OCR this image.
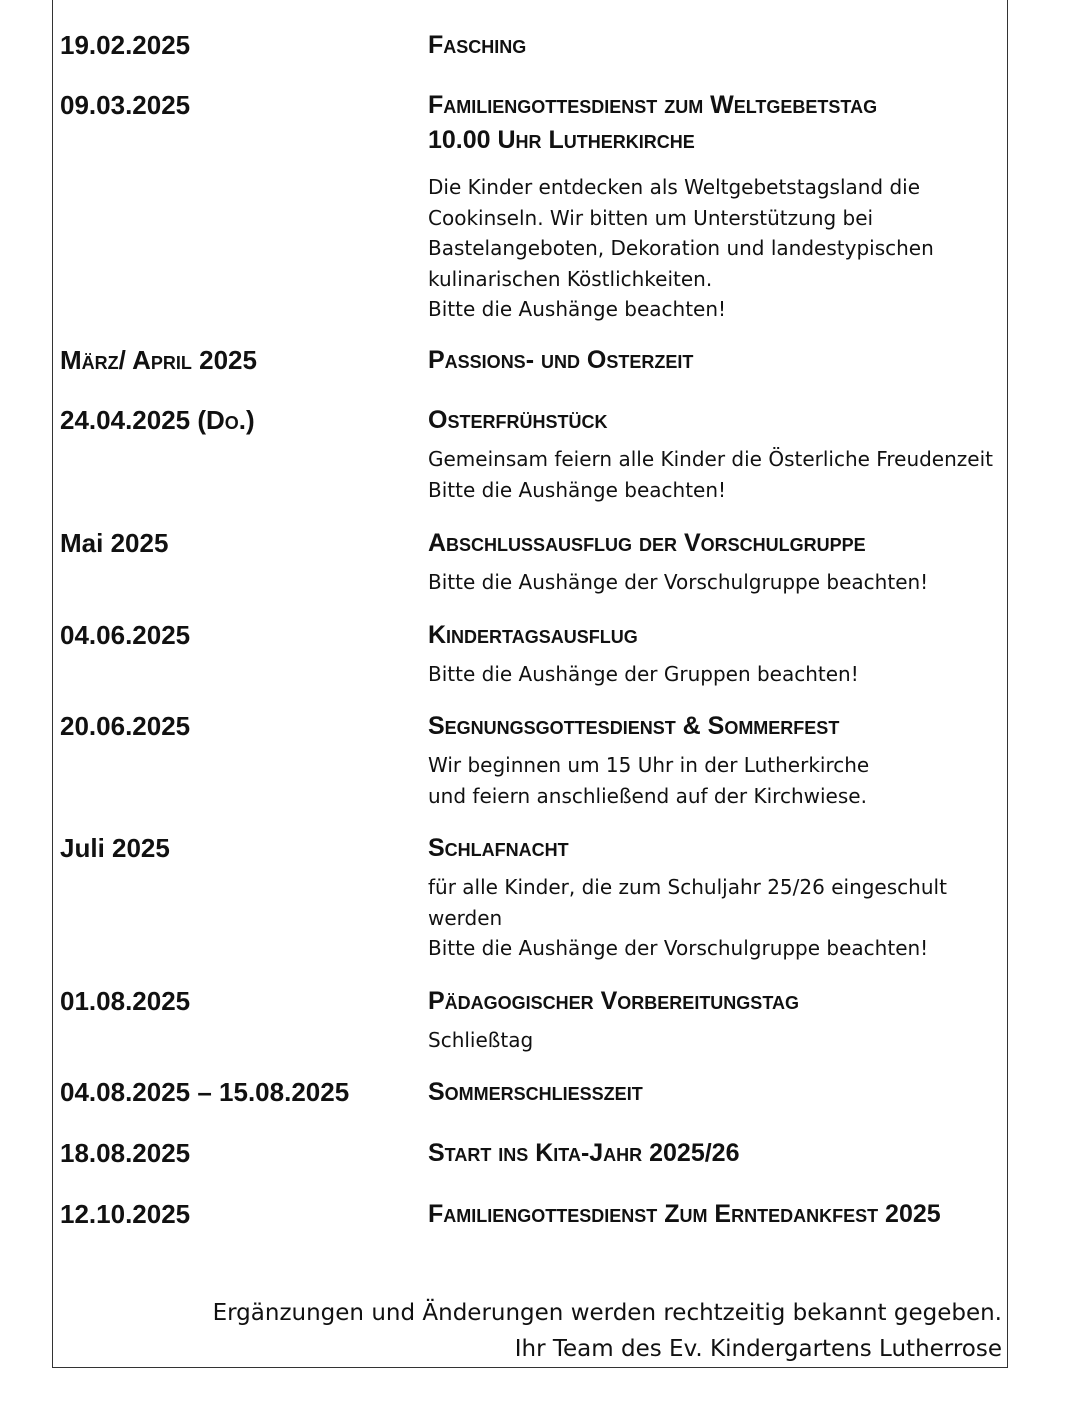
19.02.2025	Fasching
09.03.2025	Familiengottesdienst zum Weltgebetstag
10.00 Uhr Lutherkirche
Die Kinder entdecken als Weltgebetstagsland die
Cookinseln. Wir bitten um Unterstützung bei
Bastelangeboten, Dekoration und landestypischen
kulinarischen Köstlichkeiten.
Bitte die Aushänge beachten!
März/ April 2025	Passions- und Osterzeit
24.04.2025 (Do.)	Osterfrühstück
Gemeinsam feiern alle Kinder die Österliche Freudenzeit
Bitte die Aushänge beachten!
Mai 2025	Abschlussausflug der Vorschulgruppe
Bitte die Aushänge der Vorschulgruppe beachten!
04.06.2025	Kindertagsausflug
Bitte die Aushänge der Gruppen beachten!
20.06.2025	Segnungsgottesdienst & Sommerfest
Wir beginnen um 15 Uhr in der Lutherkirche
und feiern anschließend auf der Kirchwiese.
Juli 2025	Schlafnacht
für alle Kinder, die zum Schuljahr 25/26 eingeschult
werden
Bitte die Aushänge der Vorschulgruppe beachten!
01.08.2025	Pädagogischer Vorbereitungstag
Schließtag
04.08.2025 – 15.08.2025	Sommerschließzeit
18.08.2025	Start ins Kita-Jahr 2025/26
12.10.2025	Familiengottesdienst Zum Erntedankfest 2025
Ergänzungen und Änderungen werden rechtzeitig bekannt gegeben.
Ihr Team des Ev. Kindergartens Lutherrose
